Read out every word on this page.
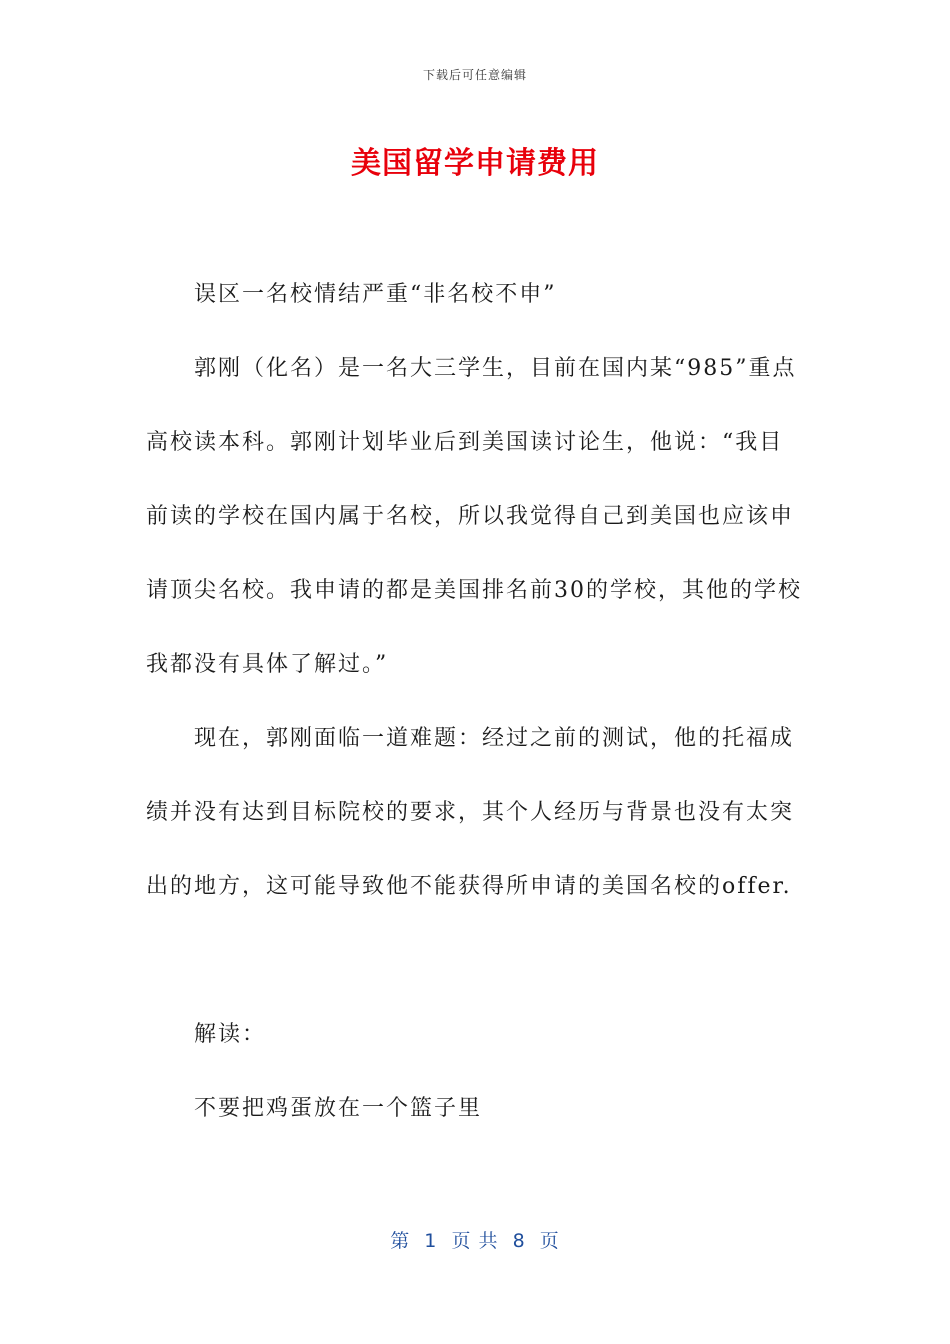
下载后可任意编辑
美国留学申请费用

误区一名校情结严重“非名校不申”

郭刚（化名）是一名大三学生，目前在国内某“985”重点高校读本科。郭刚计划毕业后到美国读讨论生，他说：“我目前读的学校在国内属于名校，所以我觉得自己到美国也应该申请顶尖名校。我申请的都是美国排名前30的学校，其他的学校我都没有具体了解过。”

现在，郭刚面临一道难题：经过之前的测试，他的托福成绩并没有达到目标院校的要求，其个人经历与背景也没有太突出的地方，这可能导致他不能获得所申请的美国名校的offer.

解读：

不要把鸡蛋放在一个篮子里

第  1  页 共  8  页
